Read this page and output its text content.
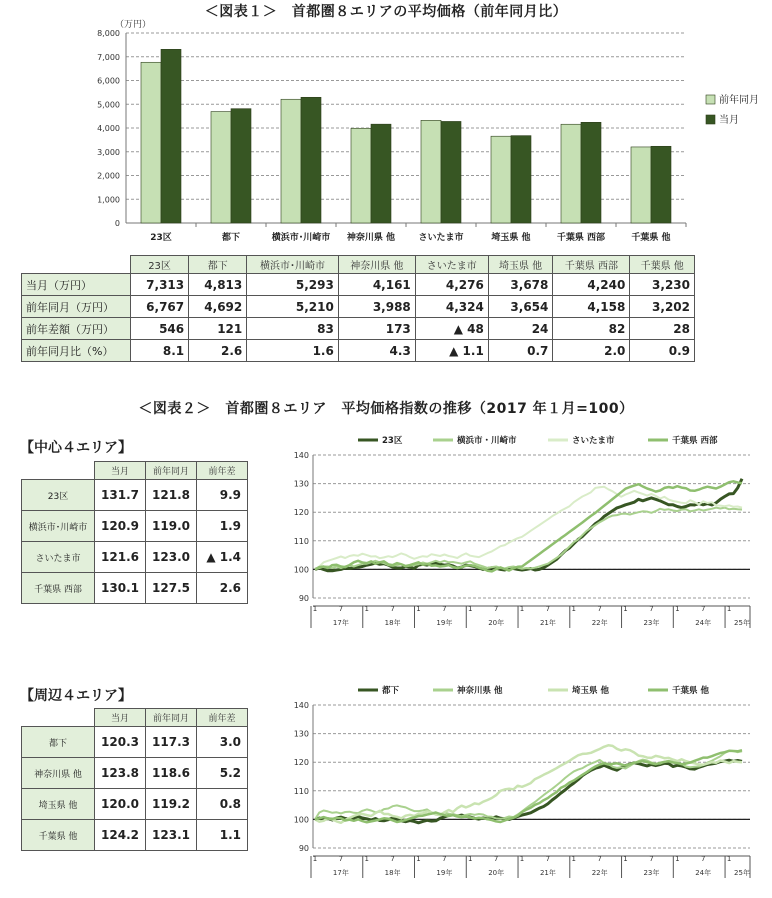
＜図表１＞　首都圏８エリアの平均価格（前年同月比）
（万円）
0
1,000
2,000
3,000
4,000
5,000
6,000
7,000
8,000
23区	都下	横浜市･川崎市 神奈川県 他	さいたま市	埼玉県 他	千葉県 西部	千葉県 他
前年同月
当月
	23区	都下	横浜市･川崎市	神奈川県 他	さいたま市	埼玉県 他	千葉県 西部	千葉県 他
当月（万円）	7,313	4,813	5,293	4,161	4,276	3,678	4,240	3,230
前年同月（万円）	6,767	4,692	5,210	3,988	4,324	3,654	4,158	3,202
前年差額（万円）	546	121	83	173	▲ 48	24	82	28
前年同月比（%）	8.1	2.6	1.6	4.3	▲ 1.1	0.7	2.0	0.9
＜図表２＞　首都圏８エリア　平均価格指数の推移（2017 年１月=100）
【中心４エリア】
	当月	前年同月	前年差
23区	131.7	121.8	9.9
横浜市･川崎市	120.9	119.0	1.9
さいたま市	121.6	123.0	▲ 1.4
千葉県 西部	130.1	127.5	2.6
90
100
110
120
130
140
1	7	1	7	1	7	1	7	1	7	1	7	1	7	1	7	1
17年	18年	19年	20年	21年	22年	23年	24年	25年
23区	横浜市・川崎市	さいたま市	千葉県 西部
【周辺４エリア】
	当月	前年同月	前年差
都下	120.3	117.3	3.0
神奈川県 他	123.8	118.6	5.2
埼玉県 他	120.0	119.2	0.8
千葉県 他	124.2	123.1	1.1
90
100
110
120
130
140
1	7	1	7	1	7	1	7	1	7	1	7	1	7	1	7	1
17年	18年	19年	20年	21年	22年	23年	24年	25年
都下	神奈川県 他	埼玉県 他	千葉県 他
